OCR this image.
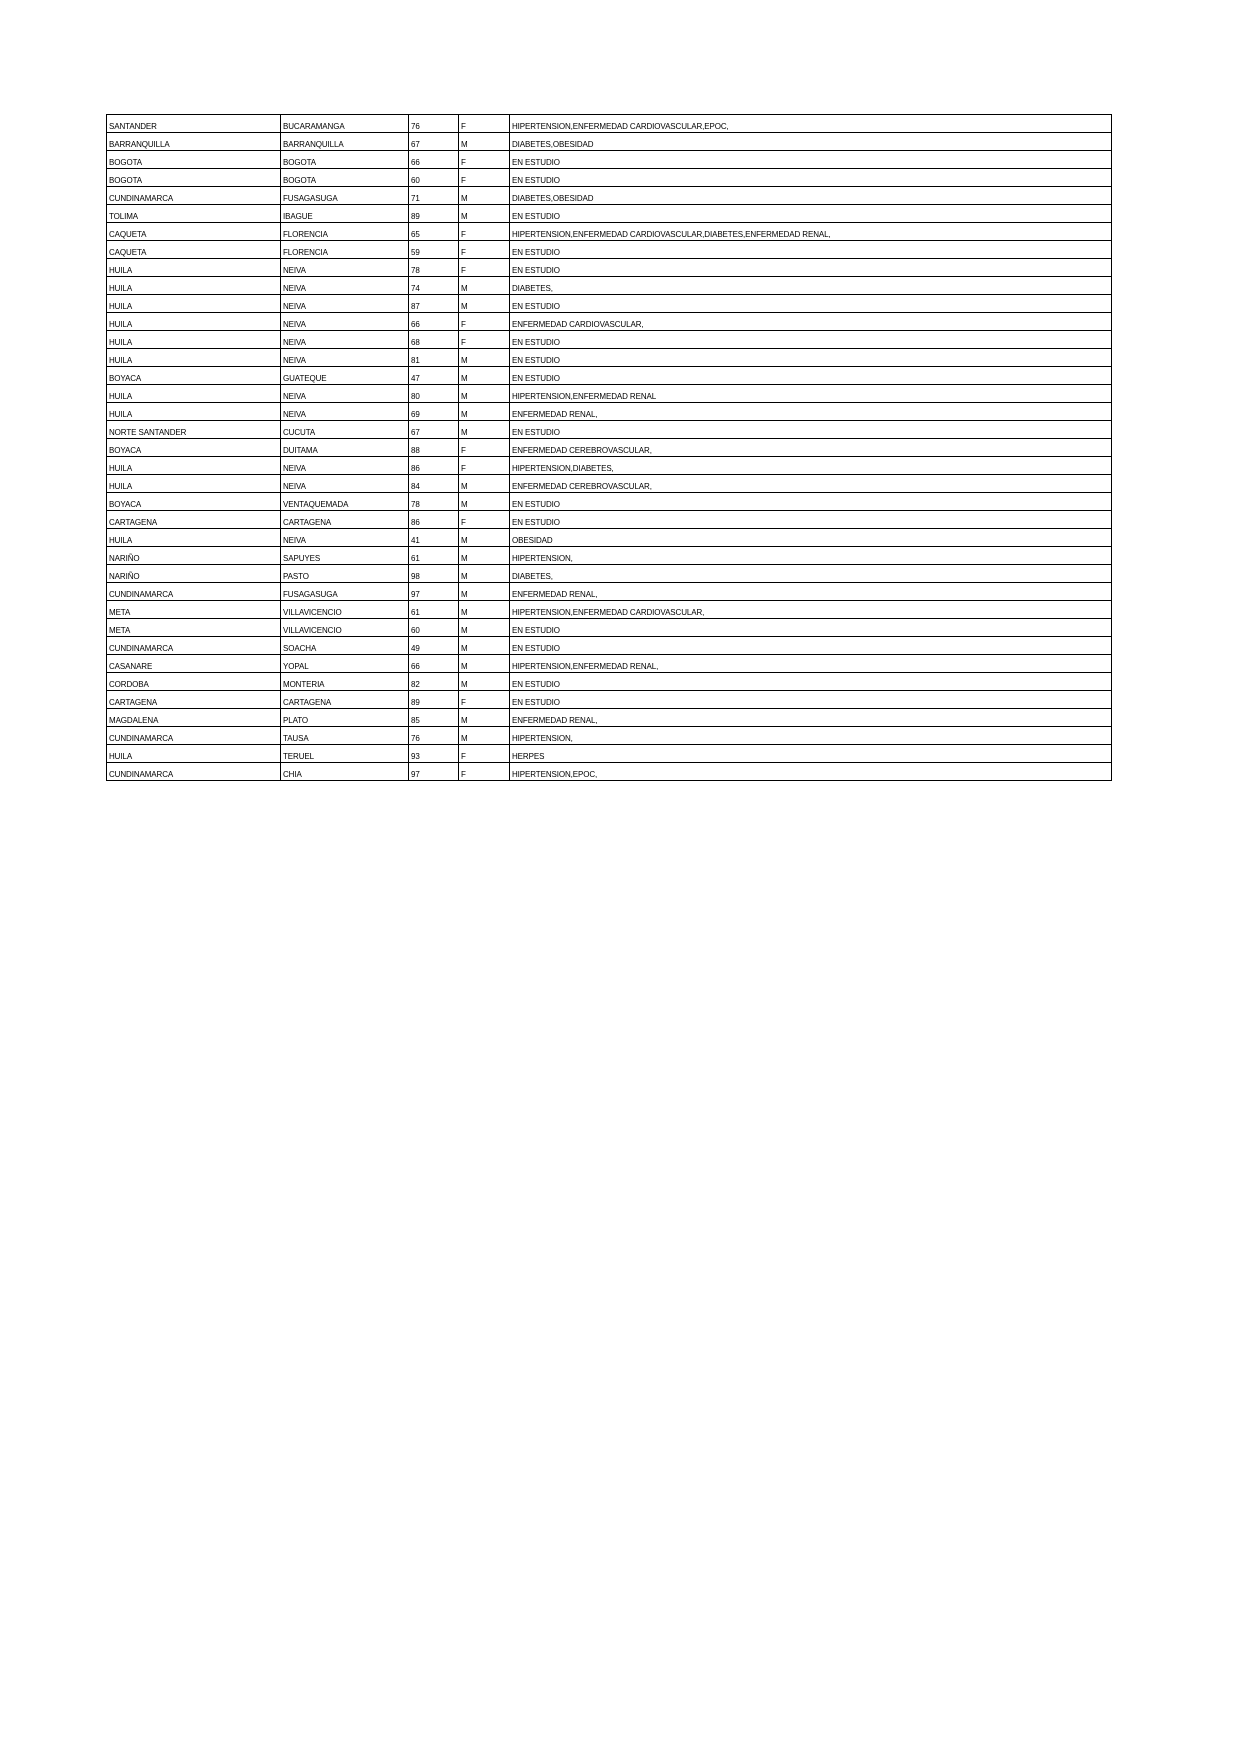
SANTANDER	BUCARAMANGA	76	F	HIPERTENSION,ENFERMEDAD CARDIOVASCULAR,EPOC,
BARRANQUILLA	BARRANQUILLA	67	M	DIABETES,OBESIDAD
BOGOTA	BOGOTA	66	F	EN ESTUDIO
BOGOTA	BOGOTA	60	F	EN ESTUDIO
CUNDINAMARCA	FUSAGASUGA	71	M	DIABETES,OBESIDAD
TOLIMA	IBAGUE	89	M	EN ESTUDIO
CAQUETA	FLORENCIA	65	F	HIPERTENSION,ENFERMEDAD CARDIOVASCULAR,DIABETES,ENFERMEDAD RENAL,
CAQUETA	FLORENCIA	59	F	EN ESTUDIO
HUILA	NEIVA	78	F	EN ESTUDIO
HUILA	NEIVA	74	M	DIABETES,
HUILA	NEIVA	87	M	EN ESTUDIO
HUILA	NEIVA	66	F	ENFERMEDAD CARDIOVASCULAR,
HUILA	NEIVA	68	F	EN ESTUDIO
HUILA	NEIVA	81	M	EN ESTUDIO
BOYACA	GUATEQUE	47	M	EN ESTUDIO
HUILA	NEIVA	80	M	HIPERTENSION,ENFERMEDAD RENAL
HUILA	NEIVA	69	M	ENFERMEDAD RENAL,
NORTE SANTANDER	CUCUTA	67	M	EN ESTUDIO
BOYACA	DUITAMA	88	F	ENFERMEDAD CEREBROVASCULAR,
HUILA	NEIVA	86	F	HIPERTENSION,DIABETES,
HUILA	NEIVA	84	M	ENFERMEDAD CEREBROVASCULAR,
BOYACA	VENTAQUEMADA	78	M	EN ESTUDIO
CARTAGENA	CARTAGENA	86	F	EN ESTUDIO
HUILA	NEIVA	41	M	OBESIDAD
NARIÑO	SAPUYES	61	M	HIPERTENSION,
NARIÑO	PASTO	98	M	DIABETES,
CUNDINAMARCA	FUSAGASUGA	97	M	ENFERMEDAD RENAL,
META	VILLAVICENCIO	61	M	HIPERTENSION,ENFERMEDAD CARDIOVASCULAR,
META	VILLAVICENCIO	60	M	EN ESTUDIO
CUNDINAMARCA	SOACHA	49	M	EN ESTUDIO
CASANARE	YOPAL	66	M	HIPERTENSION,ENFERMEDAD RENAL,
CORDOBA	MONTERIA	82	M	EN ESTUDIO
CARTAGENA	CARTAGENA	89	F	EN ESTUDIO
MAGDALENA	PLATO	85	M	ENFERMEDAD RENAL,
CUNDINAMARCA	TAUSA	76	M	HIPERTENSION,
HUILA	TERUEL	93	F	HERPES
CUNDINAMARCA	CHIA	97	F	HIPERTENSION,EPOC,
